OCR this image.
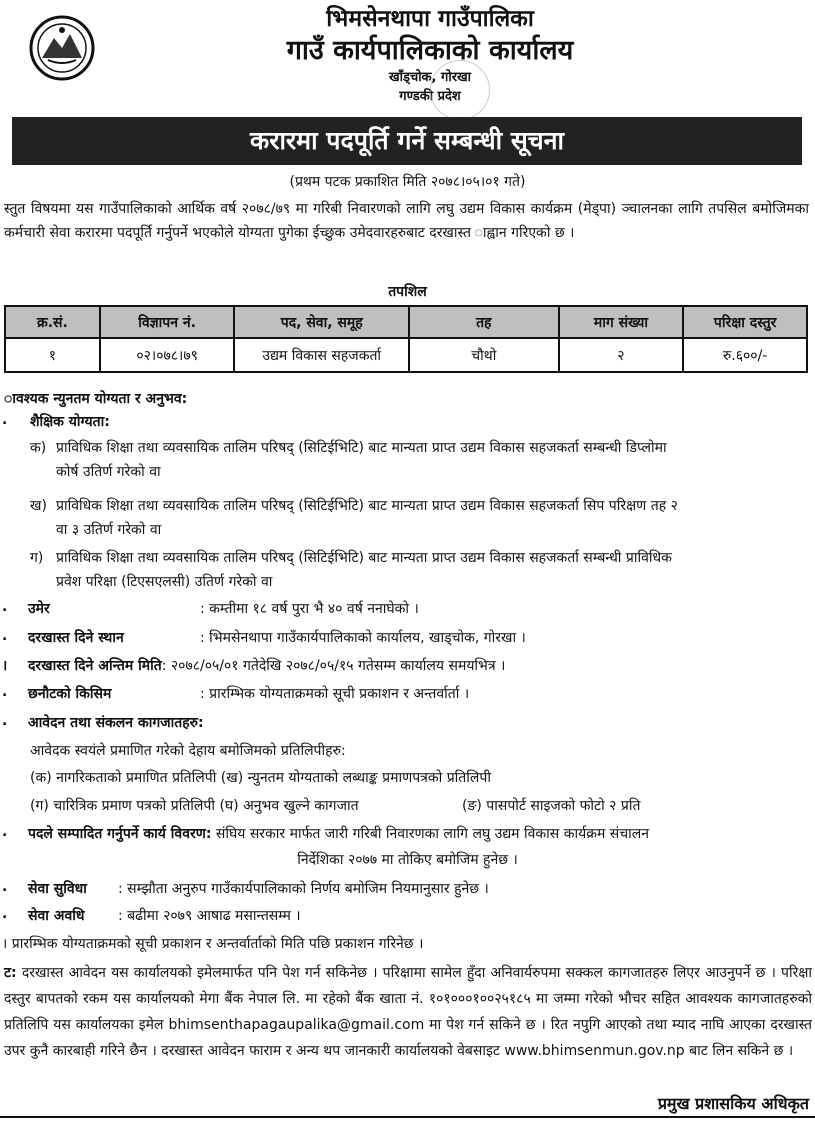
भिमसेनथापा गाउँपालिका
गाउँ कार्यपालिकाको कार्यालय
खाँड्चोक, गोरखा
गण्डकी प्रदेश
करारमा पदपूर्ति गर्ने सम्बन्धी सूचना
(प्रथम पटक प्रकाशित मिति २०७८।०५।०१ गते)
स्तुत विषयमा यस गाउँपालिकाको आर्थिक वर्ष २०७८/७९ मा गरिबी निवारणको लागि लघु उद्यम विकास कार्यक्रम (मेड्पा) ञ्चालनका लागि तपसिल बमोजिमका कर्मचारी सेवा करारमा पदपूर्ति गर्नुपर्ने भएकोले योग्यता पुगेका ईच्छुक उमेदवारहरुबाट दरखास्त ाह्वान गरिएको छ ।
तपशिल
क्र.सं.	विज्ञापन नं.	पद, सेवा, समूह	तह	माग संख्या	परिक्षा दस्तुर
१	०२।०७८।७९	उद्यम विकास सहजकर्ता	चौथो	२	रु.६००/-
ावश्यक न्युनतम योग्यता र अनुभव:
. शैक्षिक योग्यता:
क) प्राविधिक शिक्षा तथा व्यवसायिक तालिम परिषद् (सिटिईभिटि) बाट मान्यता प्राप्त उद्यम विकास सहजकर्ता सम्बन्धी डिप्लोमा
कोर्ष उतिर्ण गरेको वा
ख) प्राविधिक शिक्षा तथा व्यवसायिक तालिम परिषद् (सिटिईभिटि) बाट मान्यता प्राप्त उद्यम विकास सहजकर्ता सिप परिक्षण तह २
वा ३ उतिर्ण गरेको वा
ग) प्राविधिक शिक्षा तथा व्यवसायिक तालिम परिषद् (सिटिईभिटि) बाट मान्यता प्राप्त उद्यम विकास सहजकर्ता सम्बन्धी प्राविधिक
प्रवेश परिक्षा (टिएसएलसी) उतिर्ण गरेको वा
. उमेर	: कम्तीमा १८ वर्ष पुरा भै ४० वर्ष ननाघेको ।
. दरखास्त दिने स्थान	: भिमसेनथापा गाउँकार्यपालिकाको कार्यालय, खाड्चोक, गोरखा ।
। दरखास्त दिने अन्तिम मिति: २०७८/०५/०१ गतेदेखि २०७८/०५/१५ गतेसम्म कार्यालय समयभित्र ।
. छनौटको किसिम	: प्रारम्भिक योग्यताक्रमको सूची प्रकाशन र अन्तर्वार्ता ।
. आवेदन तथा संकलन कागजातहरु:
आवेदक स्वयंले प्रमाणित गरेको देहाय बमोजिमको प्रतिलिपीहरु:
(क) नागरिकताको प्रमाणित प्रतिलिपी (ख) न्युनतम योग्यताको लब्धाङ्क प्रमाणपत्रको प्रतिलिपी
(ग) चारित्रिक प्रमाण पत्रको प्रतिलिपी (घ) अनुभव खुल्ने कागजात	(ङ) पासपोर्ट साइजको फोटो २ प्रति
. पदले सम्पादित गर्नुपर्ने कार्य विवरण: संघिय सरकार मार्फत जारी गरिबी निवारणका लागि लघु उद्यम विकास कार्यक्रम संचालन
निर्देशिका २०७७ मा तोकिए बमोजिम हुनेछ ।
. सेवा सुविधा : सम्झौता अनुरुप गाउँकार्यपालिकाको निर्णय बमोजिम नियमानुसार हुनेछ ।
. सेवा अवधि : बढीमा २०७९ आषाढ मसान्तसम्म ।
। प्रारम्भिक योग्यताक्रमको सूची प्रकाशन र अन्तर्वार्ताको मिति पछि प्रकाशन गरिनेछ ।
ट: दरखास्त आवेदन यस कार्यालयको इमेलमार्फत पनि पेश गर्न सकिनेछ । परिक्षामा सामेल हुँदा अनिवार्यरुपमा सक्कल कागजातहरु लिएर आउनुपर्ने छ । परिक्षा दस्तुर बापतको रकम यस कार्यालयको मेगा बैंक नेपाल लि. मा रहेको बैंक खाता नं. १०१०००१००२५१८५ मा जम्मा गरेको भौचर सहित आवश्यक कागजातहरुको प्रतिलिपि यस कार्यालयका इमेल bhimsenthapagaupalika@gmail.com मा पेश गर्न सकिने छ । रित नपुगि आएको तथा म्याद नाघि आएका दरखास्त उपर कुनै कारबाही गरिने छैन । दरखास्त आवेदन फाराम र अन्य थप जानकारी कार्यालयको वेबसाइट www.bhimsenmun.gov.np बाट लिन सकिने छ ।
प्रमुख प्रशासकिय अधिकृत
